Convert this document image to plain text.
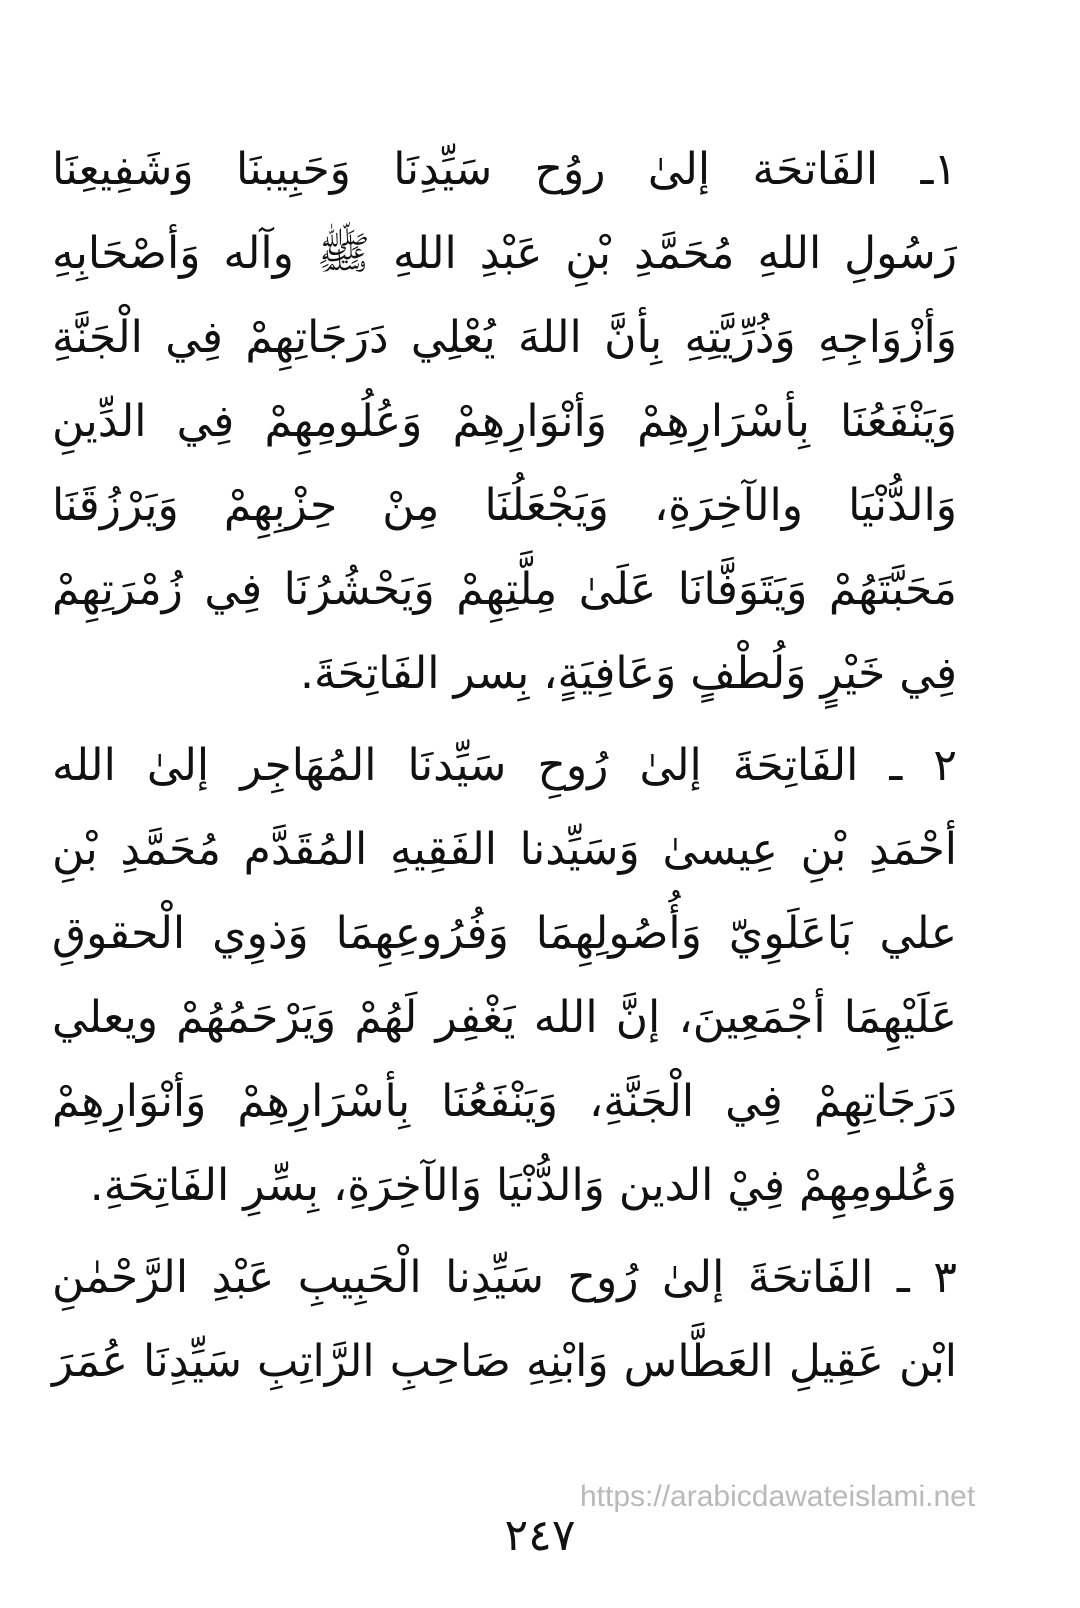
١ـ الفَاتحَة إلىٰ روُح سَيِّدِنَا وَحَبِيبنَا وَشَفِيعِنَا
رَسُولِ اللهِ مُحَمَّدِ بْنِ عَبْدِ اللهِ ﷺ وآله وَأصْحَابِهِ
وَأزْوَاجِهِ وَذُرِّيَّتِهِ بِأنَّ اللهَ يُعْلِي دَرَجَاتِهِمْ فِي الْجَنَّةِ
وَيَنْفَعُنَا بِأسْرَارِهِمْ وَأنْوَارِهِمْ وَعُلُومِهِمْ فِي الدِّينِ
وَالدُّنْيَا والآخِرَةِ، وَيَجْعَلُنَا مِنْ حِزْبِهِمْ وَيَرْزُقَنَا
مَحَبَّتَهُمْ وَيَتَوَفَّانَا عَلَىٰ مِلَّتِهِمْ وَيَحْشُرُنَا فِي زُمْرَتِهِمْ
فِي خَيْرٍ وَلُطْفٍ وَعَافِيَةٍ، بِسر الفَاتِحَةَ.
٢ ـ الفَاتِحَةَ إلىٰ رُوحِ سَيِّدنَا المُهَاجِر إلىٰ الله
أحْمَدِ بْنِ عِيسىٰ وَسَيِّدنا الفَقِيهِ المُقَدَّم مُحَمَّدِ بْنِ
علي بَاعَلَوِيّ وَأُصُولِهِمَا وَفُرُوعِهِمَا وَذوِي الْحقوقِ
عَلَيْهِمَا أجْمَعِينَ، إنَّ الله يَغْفِر لَهُمْ وَيَرْحَمُهُمْ ويعلي
دَرَجَاتِهِمْ فِي الْجَنَّةِ، وَيَنْفَعُنَا بِأسْرَارِهِمْ وَأنْوَارِهِمْ
وَعُلومِهِمْ فِيْ الدين وَالدُّنْيَا وَالآخِرَةِ، بِسِّرِ الفَاتِحَةِ.
٣ ـ الفَاتحَةَ إلىٰ رُوح سَيِّدِنا الْحَبِيبِ عَبْدِ الرَّحْمٰنِ
ابْن عَقِيلِ العَطَّاس وَابْنِهِ صَاحِبِ الرَّاتِبِ سَيِّدِنَا عُمَرَ
https://arabicdawateislami.net
٢٤٧
